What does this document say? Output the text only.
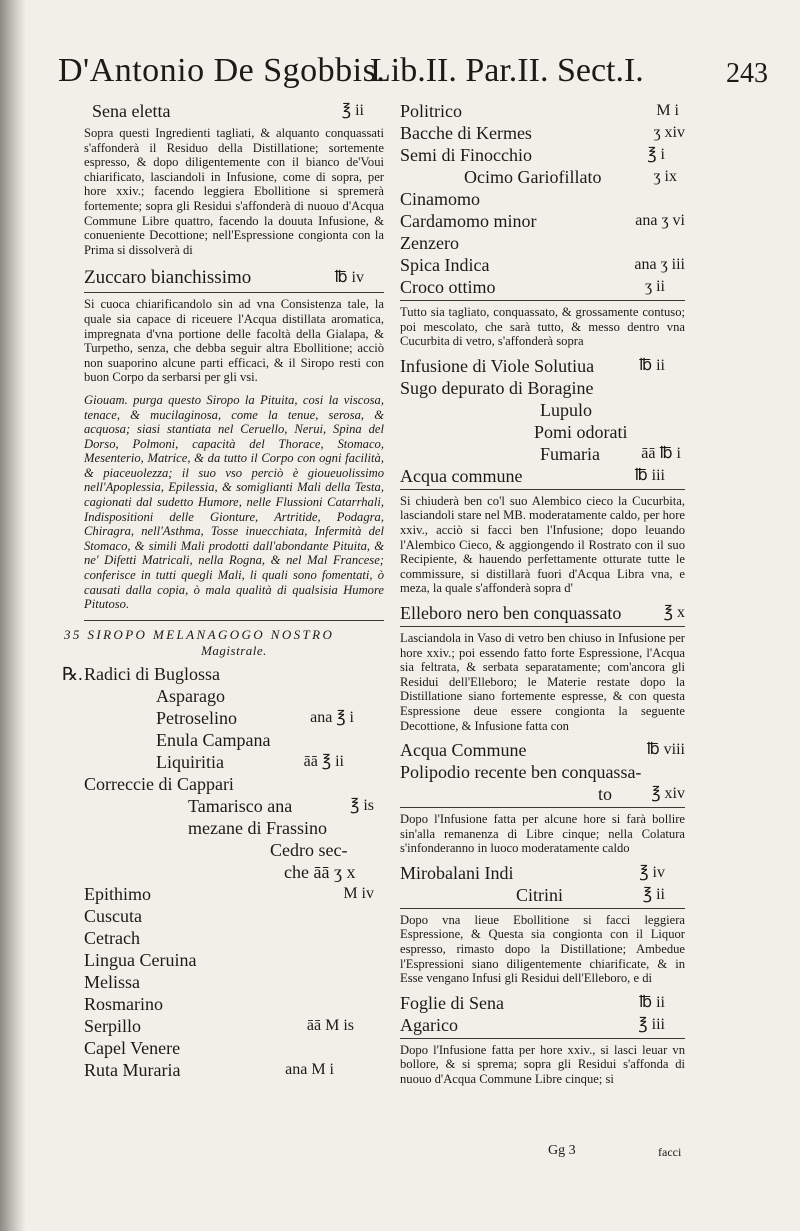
D'Antonio De Sgobbis.
Lib.II. Par.II. Sect.I.	243
Sena eletta	℥ ii

Sopra questi Ingredienti tagliati, & alquanto conquassati s'affonderà il Residuo della Distillatione; sortemente espresso, & dopo diligentemente con il bianco de'Voui chiarificato, lasciandoli in Infusione, come di sopra, per hore xxiv.; facendo leggiera Ebollitione si spremerà fortemente; sopra gli Residui s'affonderà di nuouo d'Acqua Commune Libre quattro, facendo la douuta Infusione, & conueniente Decottione; nell'Espressione congionta con la Prima si dissolverà di

Zuccaro bianchissimo	℔ iv

Si cuoca chiarificandolo sin ad vna Consistenza tale, la quale sia capace di riceuere l'Acqua distillata aromatica, impregnata d'vna portione delle facoltà della Gialapa, & Turpetho, senza, che debba seguir altra Ebollitione; acciò non suaporino alcune parti efficaci, & il Siropo resti con buon Corpo da serbarsi per gli vsi.

Giouam. purga questo Siropo la Pituita, cosi la viscosa, tenace, & mucilaginosa, come la tenue, serosa, & acquosa; siasi stantiata nel Ceruello, Nerui, Spina del Dorso, Polmoni, capacità del Thorace, Stomaco, Mesenterio, Matrice, & da tutto il Corpo con ogni facilità, & piaceuolezza; il suo vso perciò è gioueuolissimo nell'Apoplessia, Epilessia, & somiglianti Mali della Testa, cagionati dal sudetto Humore, nelle Flussioni Catarrhali, Indispositioni delle Gionture, Artritide, Podagra, Chiragra, nell'Asthma, Tosse inuecchiata, Infermità del Stomaco, & simili Mali prodotti dall'abondante Pituita, & ne' Difetti Matricali, nella Rogna, & nel Mal Francese; conferisce in tutti quegli Mali, li quali sono fomentati, ò causati dalla copia, ò mala qualità di qualsisia Humore Pitutoso.

35 SIROPO MELANAGOGO NOSTRO
Magistrale.
℞. Radici di Buglossa
Asparago
Petroselino	ana ℥ i
Enula Campana
Liquiritia	āā ℥ ii
Correccie di Cappari
Tamarisco ana	℥ is
mezane di Frassino
Cedro sec-
che āā ʒ x
Epithimo	M iv
Cuscuta
Cetrach
Lingua Ceruina
Melissa
Rosmarino
Serpillo	āā M is
Capel Venere
Ruta Muraria	ana M i
Politrico	M i
Bacche di Kermes	ʒ xiv
Semi di Finocchio	℥ i
Ocimo Gariofillato	ʒ ix
Cinamomo
Cardamomo minor	ana ʒ vi
Zenzero
Spica Indica	ana ʒ iii
Croco ottimo	ʒ ii

Tutto sia tagliato, conquassato, & grossamente contuso; poi mescolato, che sarà tutto, & messo dentro vna Cucurbita di vetro, s'affonderà sopra

Infusione di Viole Solutiua	℔ ii
Sugo depurato di Boragine
Lupulo
Pomi odorati
Fumaria	āā ℔ i
Acqua commune	℔ iii

Si chiuderà ben co'l suo Alembico cieco la Cucurbita, lasciandoli stare nel MB. moderatamente caldo, per hore xxiv., acciò si facci ben l'Infusione; dopo leuando l'Alembico Cieco, & aggiongendo il Rostrato con il suo Recipiente, & hauendo perfettamente otturate tutte le commissure, si distillarà fuori d'Acqua Libra vna, e meza, la quale s'affonderà sopra d'

Elleboro nero ben conquassato	℥ x

Lasciandola in Vaso di vetro ben chiuso in Infusione per hore xxiv.; poi essendo fatto forte Espressione, l'Acqua sia feltrata, & serbata separatamente; com'ancora gli Residui dell'Elleboro; le Materie restate dopo la Distillatione siano fortemente espresse, & con questa Espressione deue essere congionta la seguente Decottione, & Infusione fatta con

Acqua Commune	℔ viii
Polipodio recente ben conquassa-
to ℥ xiv

Dopo l'Infusione fatta per alcune hore si farà bollire sin'alla remanenza di Libre cinque; nella Colatura s'infonderanno in luoco moderatamente caldo

Mirobalani Indi	℥ iv
Citrini	℥ ii

Dopo vna lieue Ebollitione si facci leggiera Espressione, & Questa sia congionta con il Liquor espresso, rimasto dopo la Distillatione; Ambedue l'Espressioni siano diligentemente chiarificate, & in Esse vengano Infusi gli Residui dell'Elleboro, e di

Foglie di Sena	℔ ii
Agarico	℥ iii

Dopo l'Infusione fatta per hore xxiv., si lasci leuar vn bollore, & si sprema; sopra gli Residui s'affonda di nuouo d'Acqua Commune Libre cinque; si

Gg 3	facci
